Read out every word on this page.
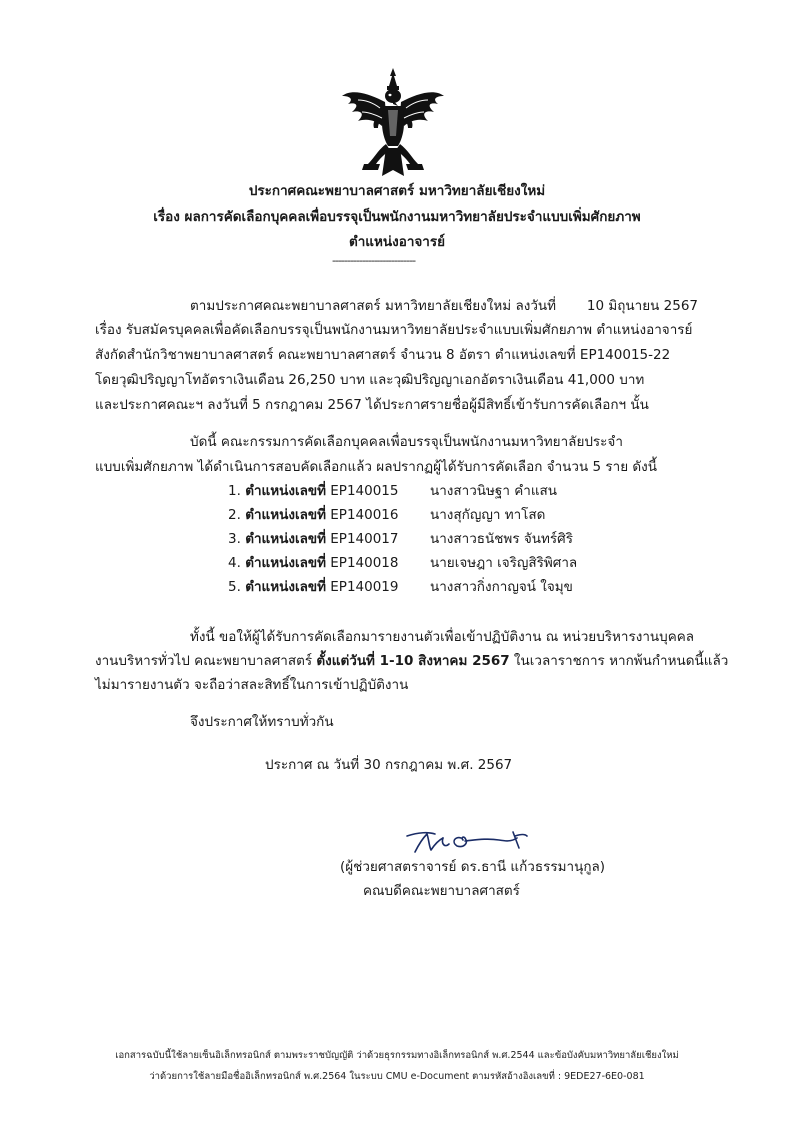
ประกาศคณะพยาบาลศาสตร์ มหาวิทยาลัยเชียงใหม่
เรื่อง ผลการคัดเลือกบุคคลเพื่อบรรจุเป็นพนักงานมหาวิทยาลัยประจำแบบเพิ่มศักยภาพ
ตำแหน่งอาจารย์
----------------------------
ตามประกาศคณะพยาบาลศาสตร์ มหาวิทยาลัยเชียงใหม่ ลงวันที่ 10 มิถุนายน 2567
เรื่อง รับสมัครบุคคลเพื่อคัดเลือกบรรจุเป็นพนักงานมหาวิทยาลัยประจำแบบเพิ่มศักยภาพ ตำแหน่งอาจารย์
สังกัดสำนักวิชาพยาบาลศาสตร์ คณะพยาบาลศาสตร์ จำนวน 8 อัตรา ตำแหน่งเลขที่ EP140015-22
โดยวุฒิปริญญาโทอัตราเงินเดือน 26,250 บาท และวุฒิปริญญาเอกอัตราเงินเดือน 41,000 บาท
และประกาศคณะฯ ลงวันที่ 5 กรกฎาคม 2567 ได้ประกาศรายชื่อผู้มีสิทธิ์เข้ารับการคัดเลือกฯ นั้น
บัดนี้ คณะกรรมการคัดเลือกบุคคลเพื่อบรรจุเป็นพนักงานมหาวิทยาลัยประจำ
แบบเพิ่มศักยภาพ ได้ดำเนินการสอบคัดเลือกแล้ว ผลปรากฏผู้ได้รับการคัดเลือก จำนวน 5 ราย ดังนี้
1. ตำแหน่งเลขที่ EP140015 นางสาวนิษฐา คำแสน
2. ตำแหน่งเลขที่ EP140016 นางสุกัญญา ทาโสด
3. ตำแหน่งเลขที่ EP140017 นางสาวธนัชพร จันทร์ศิริ
4. ตำแหน่งเลขที่ EP140018 นายเจษฎา เจริญสิริพิศาล
5. ตำแหน่งเลขที่ EP140019 นางสาวกิ่งกาญจน์ ใจมุข
ทั้งนี้ ขอให้ผู้ได้รับการคัดเลือกมารายงานตัวเพื่อเข้าปฏิบัติงาน ณ หน่วยบริหารงานบุคคล
งานบริหารทั่วไป คณะพยาบาลศาสตร์ ตั้งแต่วันที่ 1-10 สิงหาคม 2567 ในเวลาราชการ หากพ้นกำหนดนี้แล้ว
ไม่มารายงานตัว จะถือว่าสละสิทธิ์ในการเข้าปฏิบัติงาน
จึงประกาศให้ทราบทั่วกัน
ประกาศ ณ วันที่ 30 กรกฎาคม พ.ศ. 2567
(ผู้ช่วยศาสตราจารย์ ดร.ธานี แก้วธรรมานุกูล)
คณบดีคณะพยาบาลศาสตร์
เอกสารฉบับนี้ใช้ลายเซ็นอิเล็กทรอนิกส์ ตามพระราชบัญญัติ ว่าด้วยธุรกรรมทางอิเล็กทรอนิกส์ พ.ศ.2544 และข้อบังคับมหาวิทยาลัยเชียงใหม่
ว่าด้วยการใช้ลายมือชื่ออิเล็กทรอนิกส์ พ.ศ.2564 ในระบบ CMU e-Document ตามรหัสอ้างอิงเลขที่ : 9EDE27-6E0-081
